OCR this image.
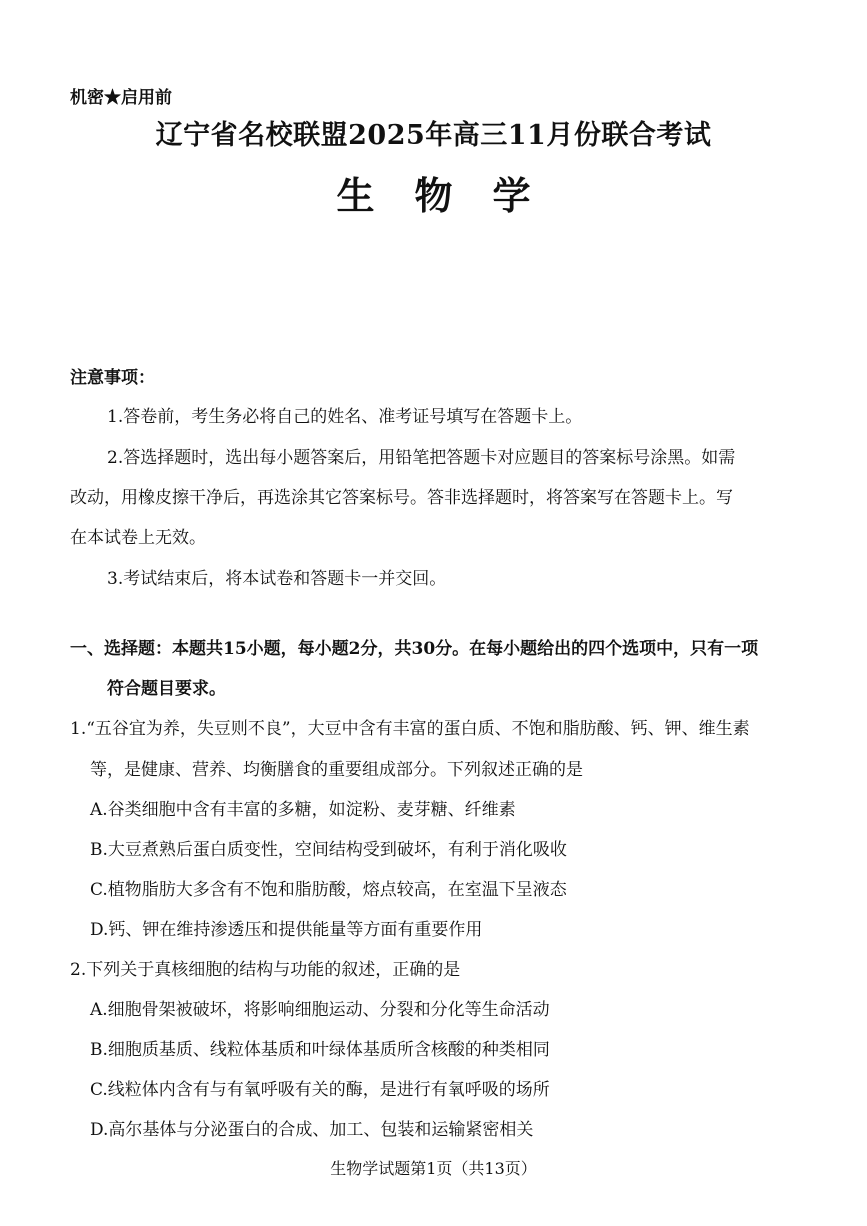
机密★启用前
辽宁省名校联盟2025年高三11月份联合考试
生物学
注意事项：
1.答卷前，考生务必将自己的姓名、准考证号填写在答题卡上。
2.答选择题时，选出每小题答案后，用铅笔把答题卡对应题目的答案标号涂黑。如需
改动，用橡皮擦干净后，再选涂其它答案标号。答非选择题时，将答案写在答题卡上。写
在本试卷上无效。
3.考试结束后，将本试卷和答题卡一并交回。
一、选择题：本题共15小题，每小题2分，共30分。在每小题给出的四个选项中，只有一项
符合题目要求。
1.“五谷宜为养，失豆则不良”，大豆中含有丰富的蛋白质、不饱和脂肪酸、钙、钾、维生素
等，是健康、营养、均衡膳食的重要组成部分。下列叙述正确的是
A.谷类细胞中含有丰富的多糖，如淀粉、麦芽糖、纤维素
B.大豆煮熟后蛋白质变性，空间结构受到破坏，有利于消化吸收
C.植物脂肪大多含有不饱和脂肪酸，熔点较高，在室温下呈液态
D.钙、钾在维持渗透压和提供能量等方面有重要作用
2.下列关于真核细胞的结构与功能的叙述，正确的是
A.细胞骨架被破坏，将影响细胞运动、分裂和分化等生命活动
B.细胞质基质、线粒体基质和叶绿体基质所含核酸的种类相同
C.线粒体内含有与有氧呼吸有关的酶，是进行有氧呼吸的场所
D.高尔基体与分泌蛋白的合成、加工、包装和运输紧密相关
生物学试题第1页（共13页）
